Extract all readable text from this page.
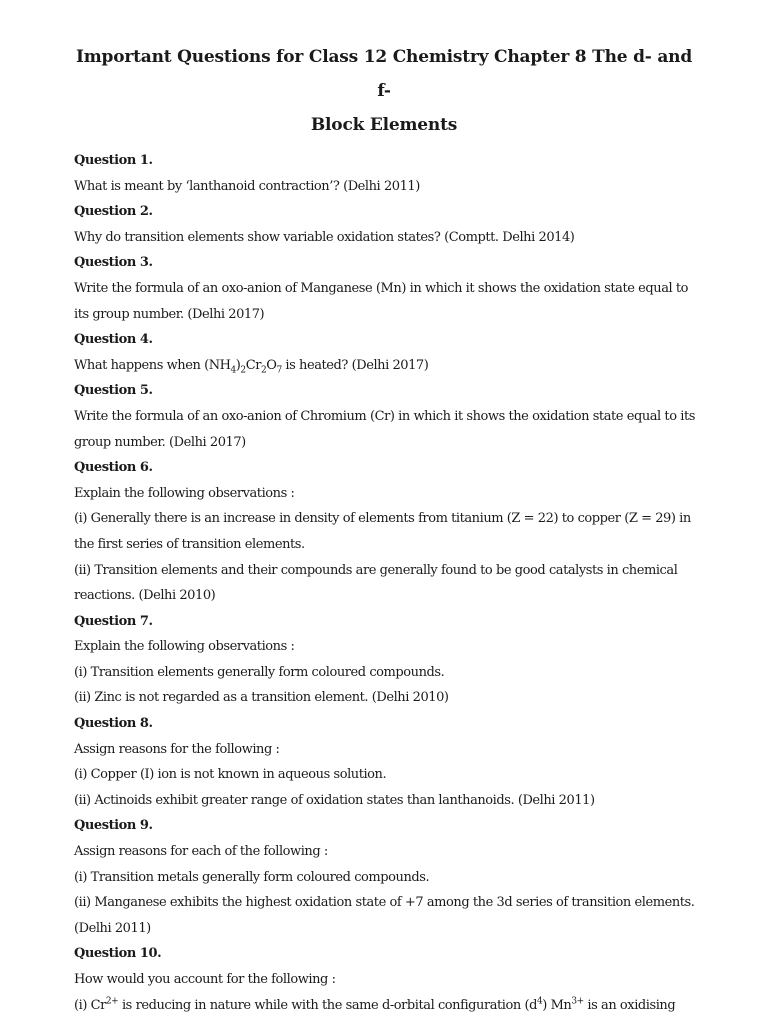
Important Questions for Class 12 Chemistry Chapter 8 The d- and f-
Block Elements
Question 1.
What is meant by ‘lanthanoid contraction’? (Delhi 2011)
Question 2.
Why do transition elements show variable oxidation states? (Comptt. Delhi 2014)
Question 3.
Write the formula of an oxo-anion of Manganese (Mn) in which it shows the oxidation state equal to
its group number. (Delhi 2017)
Question 4.
What happens when $(NH_4)_2Cr_2O_7$ is heated? (Delhi 2017)
Question 5.
Write the formula of an oxo-anion of Chromium (Cr) in which it shows the oxidation state equal to its
group number. (Delhi 2017)
Question 6.
Explain the following observations :
(i) Generally there is an increase in density of elements from titanium (Z = 22) to copper (Z = 29) in
the first series of transition elements.
(ii) Transition elements and their compounds are generally found to be good catalysts in chemical
reactions. (Delhi 2010)
Question 7.
Explain the following observations :
(i) Transition elements generally form coloured compounds.
(ii) Zinc is not regarded as a transition element. (Delhi 2010)
Question 8.
Assign reasons for the following :
(i) Copper (I) ion is not known in aqueous solution.
(ii) Actinoids exhibit greater range of oxidation states than lanthanoids. (Delhi 2011)
Question 9.
Assign reasons for each of the following :
(i) Transition metals generally form coloured compounds.
(ii) Manganese exhibits the highest oxidation state of +7 among the 3d series of transition elements.
(Delhi 2011)
Question 10.
How would you account for the following :
(i) $Cr^{2+}$ is reducing in nature while with the same d-orbital configuration $(d^4)$ $Mn^{3+}$ is an oxidising
